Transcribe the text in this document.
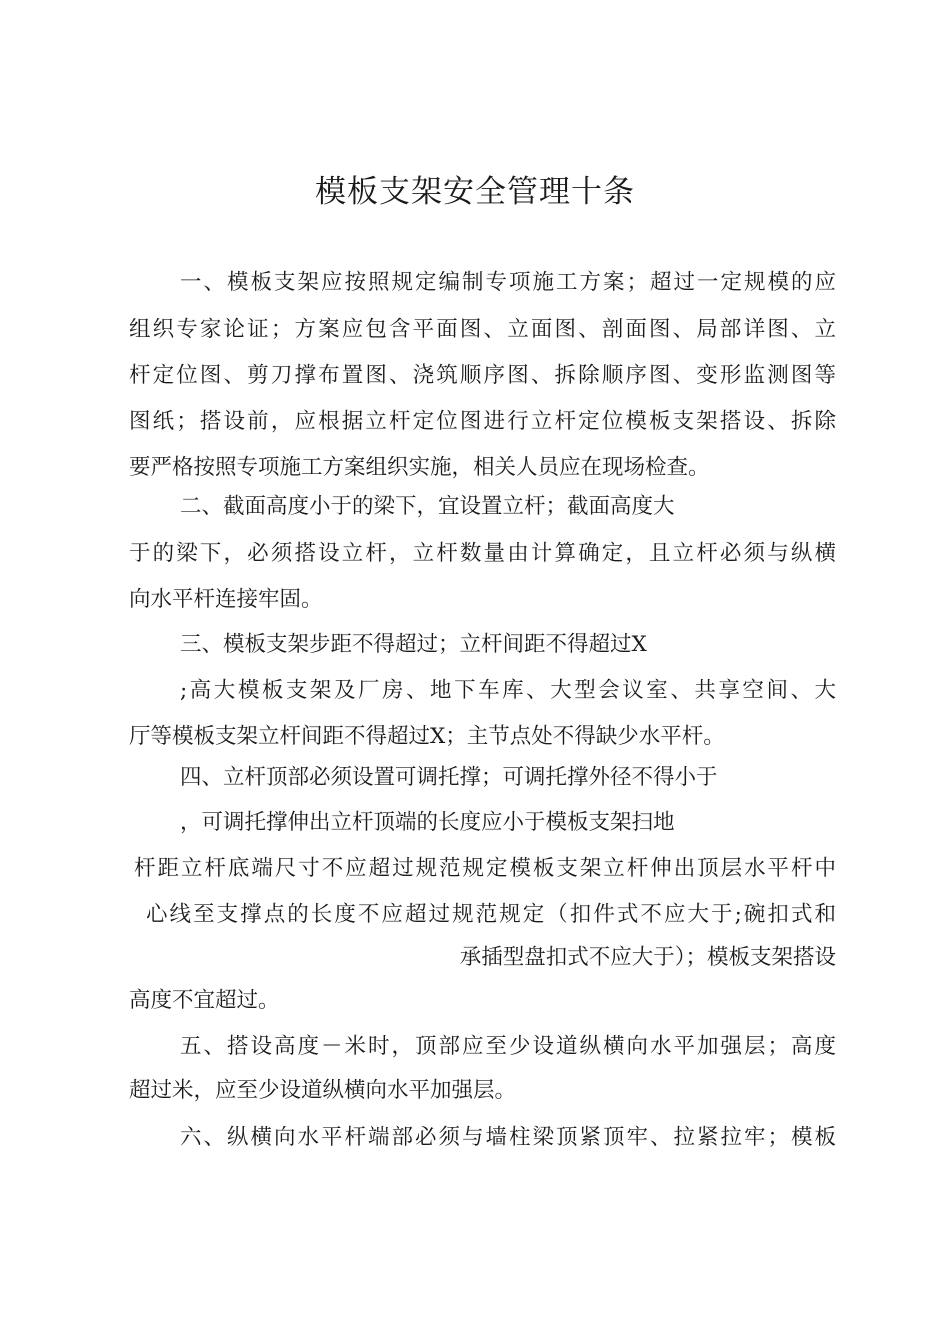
模板支架安全管理十条
一、模板支架应按照规定编制专项施工方案；超过一定规模的应
组织专家论证；方案应包含平面图、立面图、剖面图、局部详图、立
杆定位图、剪刀撑布置图、浇筑顺序图、拆除顺序图、变形监测图等
图纸；搭设前，应根据立杆定位图进行立杆定位模板支架搭设、拆除
要严格按照专项施工方案组织实施，相关人员应在现场检查。
二、截面高度小于的梁下，宜设置立杆；截面高度大
于的梁下，必须搭设立杆，立杆数量由计算确定，且立杆必须与纵横
向水平杆连接牢固。
三、模板支架步距不得超过；立杆间距不得超过X
;高大模板支架及厂房、地下车库、大型会议室、共享空间、大
厅等模板支架立杆间距不得超过X；主节点处不得缺少水平杆。
四、立杆顶部必须设置可调托撑；可调托撑外径不得小于
，可调托撑伸出立杆顶端的长度应小于模板支架扫地
杆距立杆底端尺寸不应超过规范规定模板支架立杆伸出顶层水平杆中
心线至支撑点的长度不应超过规范规定（扣件式不应大于;碗扣式和
承插型盘扣式不应大于）；模板支架搭设
高度不宜超过。
五、搭设高度－米时，顶部应至少设道纵横向水平加强层；高度
超过米，应至少设道纵横向水平加强层。
六、纵横向水平杆端部必须与墙柱梁顶紧顶牢、拉紧拉牢；模板
